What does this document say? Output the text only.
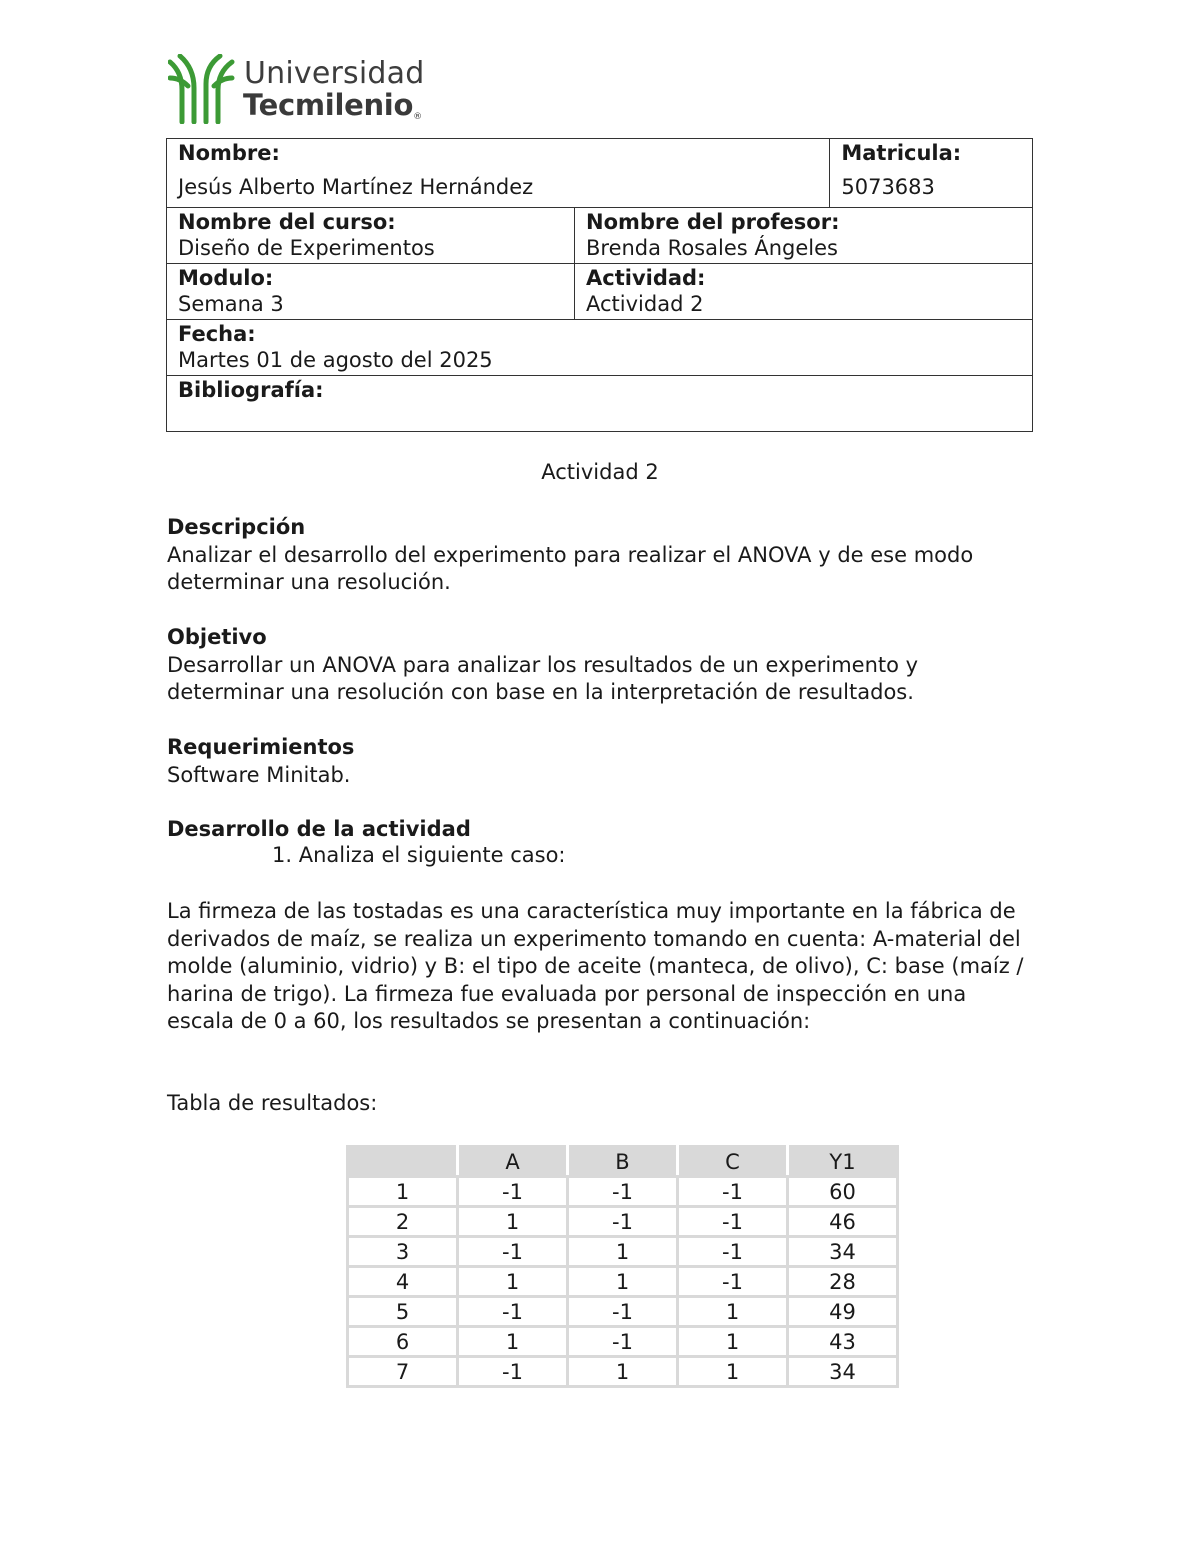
Universidad
Tecmilenio®
Nombre:
Jesús Alberto Martínez Hernández		Matricula:
5073683

Nombre del curso:
Diseño de Experimentos	Nombre del profesor:
Brenda Rosales Ángeles	

Modulo:
Semana 3	Actividad:
Actividad 2	

Fecha:
Martes 01 de agosto del 2025		

Bibliografía:		
Actividad 2
Descripción

Analizar el desarrollo del experimento para realizar el ANOVA y de ese modo determinar una resolución.

Objetivo

Desarrollar un ANOVA para analizar los resultados de un experimento y determinar una resolución con base en la interpretación de resultados.

Requerimientos

Software Minitab.

Desarrollo de la actividad
1. Analiza el siguiente caso:

La firmeza de las tostadas es una característica muy importante en la fábrica de derivados de maíz, se realiza un experimento tomando en cuenta: A-material del molde (aluminio, vidrio) y B: el tipo de aceite (manteca, de olivo), C: base (maíz / harina de trigo). La firmeza fue evaluada por personal de inspección en una escala de 0 a 60, los resultados se presentan a continuación:

Tabla de resultados:

	A	B	C	Y1
1	-1	-1	-1	60
2	1	-1	-1	46
3	-1	1	-1	34
4	1	1	-1	28
5	-1	-1	1	49
6	1	-1	1	43
7	-1	1	1	34
